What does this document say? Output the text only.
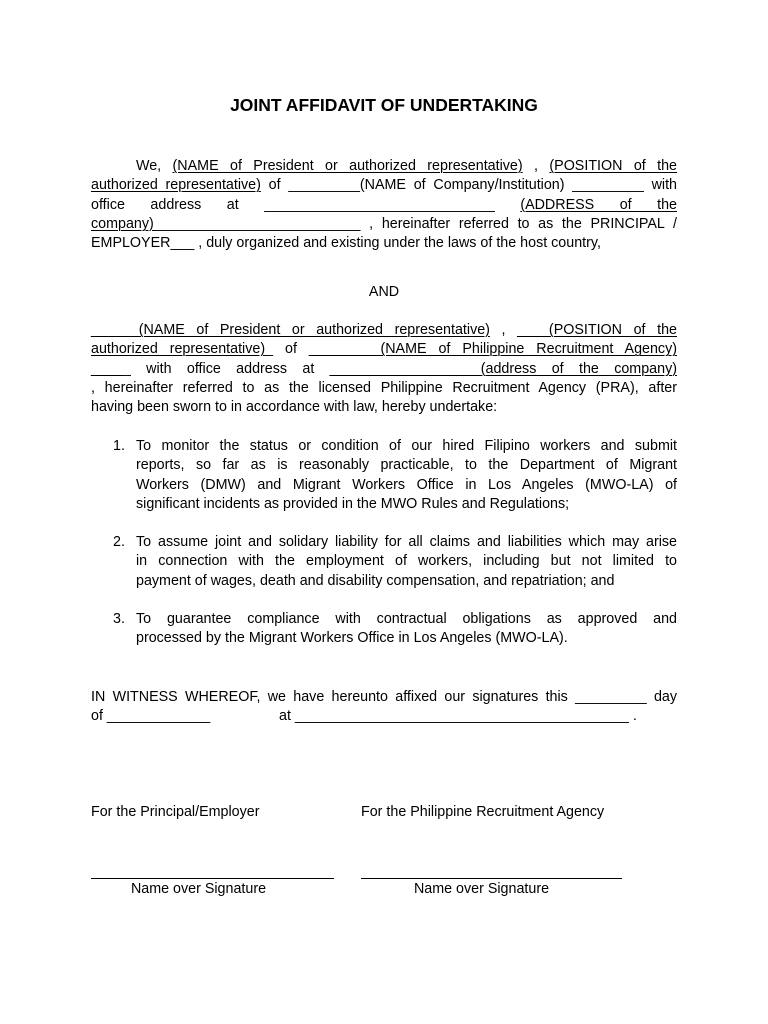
JOINT AFFIDAVIT OF UNDERTAKING
We, (NAME of President or authorized representative) , (POSITION of the
authorized representative) of _________(NAME of Company/Institution) _________ with
office address at _____________________________ (ADDRESS of the
company)__________________________ , hereinafter referred to as the PRINCIPAL /
EMPLOYER___ , duly organized and existing under the laws of the host country,
AND
______(NAME of President or authorized representative) , ____(POSITION of the
authorized representative)_ of _________(NAME of Philippine Recruitment Agency)
_____ with office address at ___________________(address of the company)
, hereinafter referred to as the licensed Philippine Recruitment Agency (PRA), after
having been sworn to in accordance with law, hereby undertake:
1. To monitor the status or condition of our hired Filipino workers and submit
reports, so far as is reasonably practicable, to the Department of Migrant
Workers (DMW) and Migrant Workers Office in Los Angeles (MWO-LA) of
significant incidents as provided in the MWO Rules and Regulations;
2. To assume joint and solidary liability for all claims and liabilities which may arise
in connection with the employment of workers, including but not limited to
payment of wages, death and disability compensation, and repatriation; and
3. To guarantee compliance with contractual obligations as approved and
processed by the Migrant Workers Office in Los Angeles (MWO-LA).
IN WITNESS WHEREOF, we have hereunto affixed our signatures this _________ day
of _____________	at __________________________________________ .
For the Principal/Employer	For the Philippine Recruitment Agency
Name over Signature	Name over Signature
